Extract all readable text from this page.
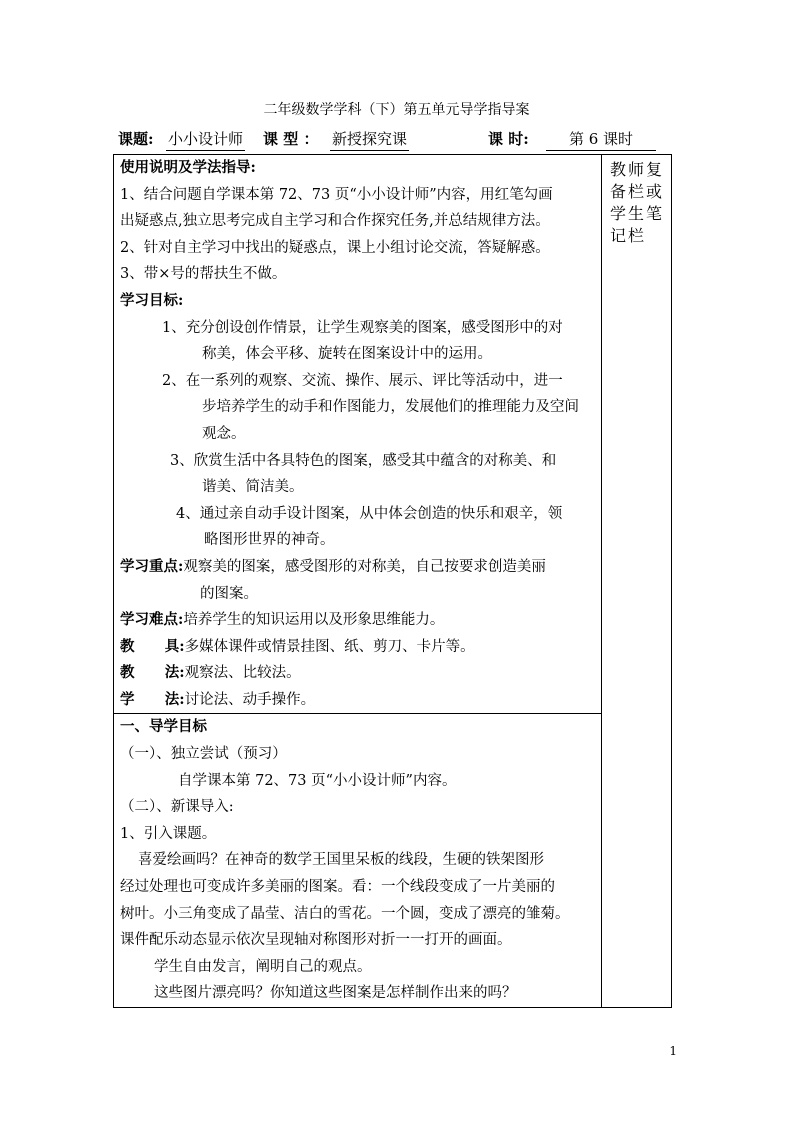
二年级数学学科（下）第五单元导学指导案
课题: 小小设计师 课 型 ： 新授探究课	课 时:	第 6 课时
使用说明及学法指导:
1、结合问题自学课本第 72、73 页“小小设计师”内容，用红笔勾画
出疑惑点,独立思考完成自主学习和合作探究任务,并总结规律方法。
2、针对自主学习中找出的疑惑点，课上小组讨论交流，答疑解惑。
3、带×号的帮扶生不做。
学习目标:
1、充分创设创作情景，让学生观察美的图案，感受图形中的对
称美，体会平移、旋转在图案设计中的运用。
2、在一系列的观察、交流、操作、展示、评比等活动中，进一
步培养学生的动手和作图能力，发展他们的推理能力及空间
观念。
3、欣赏生活中各具特色的图案，感受其中蕴含的对称美、和
谐美、简洁美。
4、通过亲自动手设计图案，从中体会创造的快乐和艰辛，领
略图形世界的神奇。
学习重点:观察美的图案，感受图形的对称美，自己按要求创造美丽
的图案。
学习难点:培养学生的知识运用以及形象思维能力。
教      具:多媒体课件或情景挂图、纸、剪刀、卡片等。
教      法:观察法、比较法。
学      法:讨论法、动手操作。
	教师复备栏或学生笔记栏

一、导学目标
（一）、独立尝试（预习）
自学课本第 72、73 页“小小设计师”内容。
（二）、新课导入:
1、引入课题。
喜爱绘画吗？在神奇的数学王国里呆板的线段，生硬的铁架图形
经过处理也可变成许多美丽的图案。看：一个线段变成了一片美丽的
树叶。小三角变成了晶莹、洁白的雪花。一个圆，变成了漂亮的雏菊。
课件配乐动态显示依次呈现轴对称图形对折一一打开的画面。
学生自由发言，阐明自己的观点。
这些图片漂亮吗？你知道这些图案是怎样制作出来的吗？
1
